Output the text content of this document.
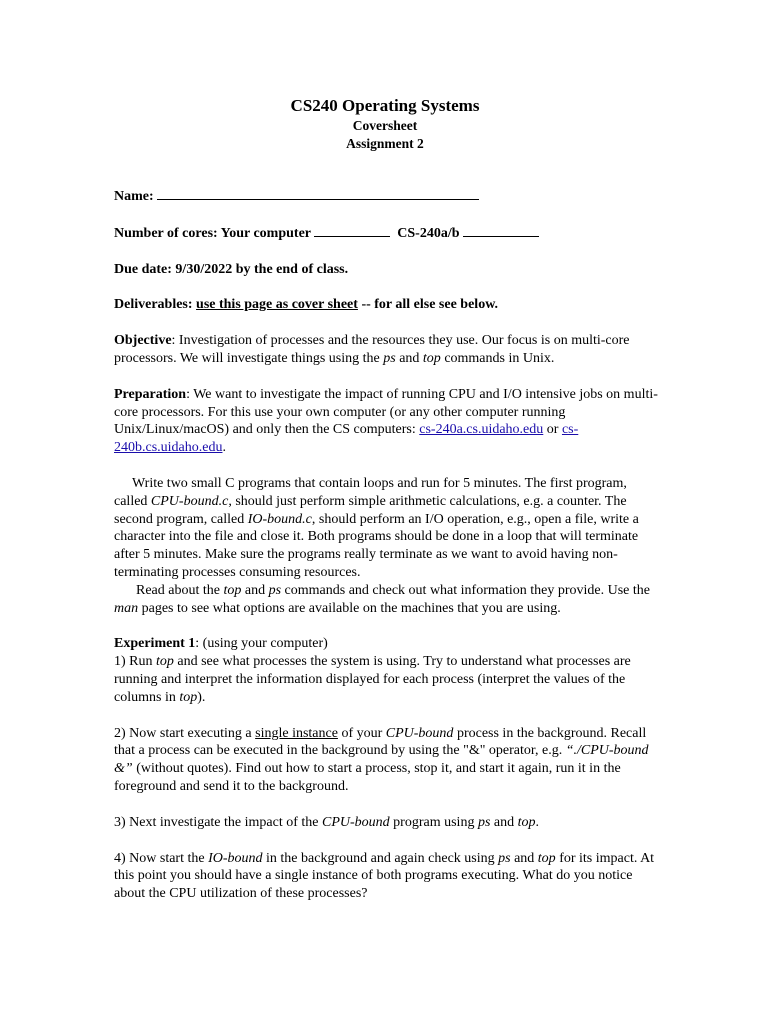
CS240 Operating Systems
Coversheet
Assignment 2

Name:

Number of cores: Your computer	CS-240a/b

Due date: 9/30/2022 by the end of class.

Deliverables: use this page as cover sheet -- for all else see below.

Objective: Investigation of processes and the resources they use. Our focus is on multi-core processors. We will investigate things using the ps and top commands in Unix.

Preparation: We want to investigate the impact of running CPU and I/O intensive jobs on multi-core processors. For this use your own computer (or any other computer running Unix/Linux/macOS) and only then the CS computers: cs-240a.cs.uidaho.edu or cs-240b.cs.uidaho.edu.

Write two small C programs that contain loops and run for 5 minutes. The first program, called CPU-bound.c, should just perform simple arithmetic calculations, e.g. a counter. The second program, called IO-bound.c, should perform an I/O operation, e.g., open a file, write a character into the file and close it. Both programs should be done in a loop that will terminate after 5 minutes. Make sure the programs really terminate as we want to avoid having non-terminating processes consuming resources.

Read about the top and ps commands and check out what information they provide. Use the man pages to see what options are available on the machines that you are using.

Experiment 1: (using your computer)

1) Run top and see what processes the system is using. Try to understand what processes are running and interpret the information displayed for each process (interpret the values of the columns in top).

2) Now start executing a single instance of your CPU-bound process in the background. Recall that a process can be executed in the background by using the "&" operator, e.g. “./CPU-bound &” (without quotes). Find out how to start a process, stop it, and start it again, run it in the foreground and send it to the background.

3) Next investigate the impact of the CPU-bound program using ps and top.

4) Now start the IO-bound in the background and again check using ps and top for its impact. At this point you should have a single instance of both programs executing. What do you notice about the CPU utilization of these processes?
